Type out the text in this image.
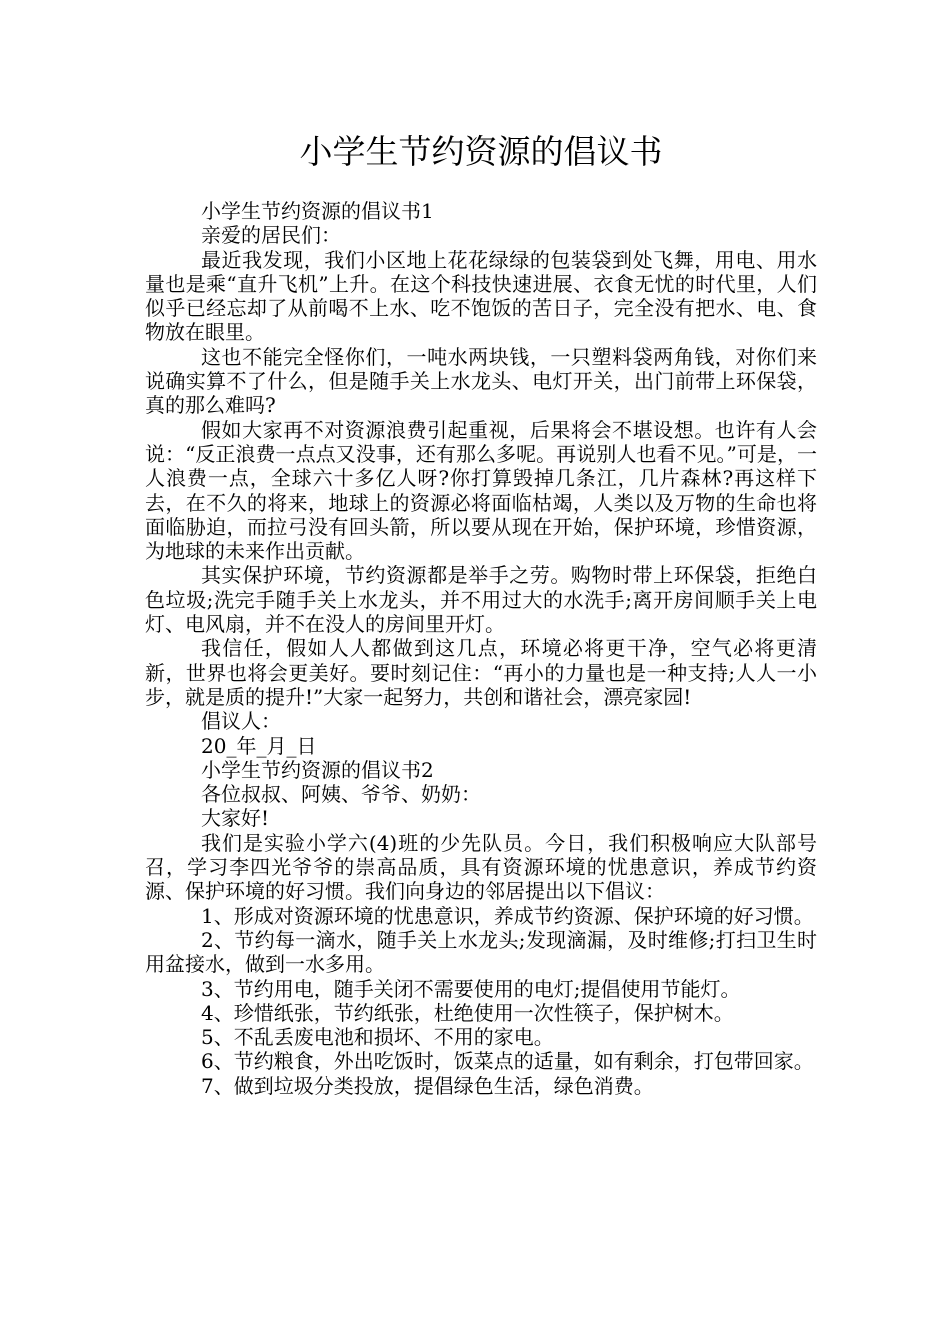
小学生节约资源的倡议书
小学生节约资源的倡议书1
亲爱的居民们：

最近我发现，我们小区地上花花绿绿的包装袋到处飞舞，用电、用水量也是乘“直升飞机”上升。在这个科技快速进展、衣食无忧的时代里，人们似乎已经忘却了从前喝不上水、吃不饱饭的苦日子，完全没有把水、电、食物放在眼里。

这也不能完全怪你们，一吨水两块钱，一只塑料袋两角钱，对你们来说确实算不了什么，但是随手关上水龙头、电灯开关，出门前带上环保袋，真的那么难吗?

假如大家再不对资源浪费引起重视，后果将会不堪设想。也许有人会说：“反正浪费一点点又没事，还有那么多呢。再说别人也看不见。”可是，一人浪费一点，全球六十多亿人呀?你打算毁掉几条江，几片森林?再这样下去，在不久的将来，地球上的资源必将面临枯竭，人类以及万物的生命也将面临胁迫，而拉弓没有回头箭，所以要从现在开始，保护环境，珍惜资源，为地球的未来作出贡献。

其实保护环境，节约资源都是举手之劳。购物时带上环保袋，拒绝白色垃圾;洗完手随手关上水龙头，并不用过大的水洗手;离开房间顺手关上电灯、电风扇，并不在没人的房间里开灯。

我信任，假如人人都做到这几点，环境必将更干净，空气必将更清新，世界也将会更美好。要时刻记住：“再小的力量也是一种支持;人人一小步，就是质的提升!”大家一起努力，共创和谐社会，漂亮家园!

倡议人：
20_年_月_日
小学生节约资源的倡议书2
各位叔叔、阿姨、爷爷、奶奶：
大家好!

我们是实验小学六(4)班的少先队员。今日，我们积极响应大队部号召，学习李四光爷爷的崇高品质，具有资源环境的忧患意识，养成节约资源、保护环境的好习惯。我们向身边的邻居提出以下倡议：

1、形成对资源环境的忧患意识，养成节约资源、保护环境的好习惯。

2、节约每一滴水，随手关上水龙头;发现滴漏，及时维修;打扫卫生时用盆接水，做到一水多用。

3、节约用电，随手关闭不需要使用的电灯;提倡使用节能灯。

4、珍惜纸张，节约纸张，杜绝使用一次性筷子，保护树木。

5、不乱丢废电池和损坏、不用的家电。

6、节约粮食，外出吃饭时，饭菜点的适量，如有剩余，打包带回家。

7、做到垃圾分类投放，提倡绿色生活，绿色消费。
